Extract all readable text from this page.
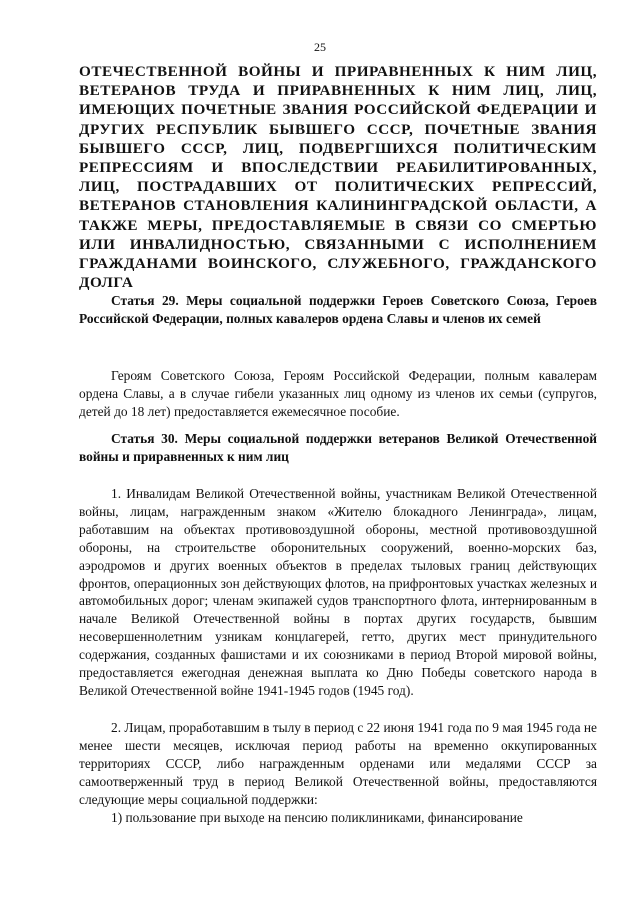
25
ОТЕЧЕСТВЕННОЙ ВОЙНЫ И ПРИРАВНЕННЫХ К НИМ ЛИЦ, ВЕТЕРАНОВ ТРУДА И ПРИРАВНЕННЫХ К НИМ ЛИЦ, ЛИЦ, ИМЕЮЩИХ ПОЧЕТНЫЕ ЗВАНИЯ РОССИЙСКОЙ ФЕДЕРАЦИИ И ДРУГИХ РЕСПУБЛИК БЫВШЕГО СССР, ПОЧЕТНЫЕ ЗВАНИЯ БЫВШЕГО СССР, ЛИЦ, ПОДВЕРГШИХСЯ ПОЛИТИЧЕСКИМ РЕПРЕССИЯМ И ВПОСЛЕДСТВИИ РЕАБИЛИТИРОВАННЫХ, ЛИЦ, ПОСТРАДАВШИХ ОТ ПОЛИТИЧЕСКИХ РЕПРЕССИЙ, ВЕТЕРАНОВ СТАНОВЛЕНИЯ КАЛИНИНГРАДСКОЙ ОБЛАСТИ, А ТАКЖЕ МЕРЫ, ПРЕДОСТАВЛЯЕМЫЕ В СВЯЗИ СО СМЕРТЬЮ ИЛИ ИНВАЛИДНОСТЬЮ, СВЯЗАННЫМИ С ИСПОЛНЕНИЕМ ГРАЖДАНАМИ ВОИНСКОГО, СЛУЖЕБНОГО, ГРАЖДАНСКОГО ДОЛГА
Статья 29. Меры социальной поддержки Героев Советского Союза, Героев Российской Федерации, полных кавалеров ордена Славы и членов их семей
Героям Советского Союза, Героям Российской Федерации, полным кавалерам ордена Славы, а в случае гибели указанных лиц одному из членов их семьи (супругов, детей до 18 лет) предоставляется ежемесячное пособие.
Статья 30. Меры социальной поддержки ветеранов Великой Отечественной войны и приравненных к ним лиц
1. Инвалидам Великой Отечественной войны, участникам Великой Отечественной войны, лицам, награжденным знаком «Жителю блокадного Ленинграда», лицам, работавшим на объектах противовоздушной обороны, местной противовоздушной обороны, на строительстве оборонительных сооружений, военно-морских баз, аэродромов и других военных объектов в пределах тыловых границ действующих фронтов, операционных зон действующих флотов, на прифронтовых участках железных и автомобильных дорог; членам экипажей судов транспортного флота, интернированным в начале Великой Отечественной войны в портах других государств, бывшим несовершеннолетним узникам концлагерей, гетто, других мест принудительного содержания, созданных фашистами и их союзниками в период Второй мировой войны, предоставляется ежегодная денежная выплата ко Дню Победы советского народа в Великой Отечественной войне 1941-1945 годов (1945 год).
2. Лицам, проработавшим в тылу в период с 22 июня 1941 года по 9 мая 1945 года не менее шести месяцев, исключая период работы на временно оккупированных территориях СССР, либо награжденным орденами или медалями СССР за самоотверженный труд в период Великой Отечественной войны, предоставляются следующие меры социальной поддержки:
1) пользование при выходе на пенсию поликлиниками, финансирование
